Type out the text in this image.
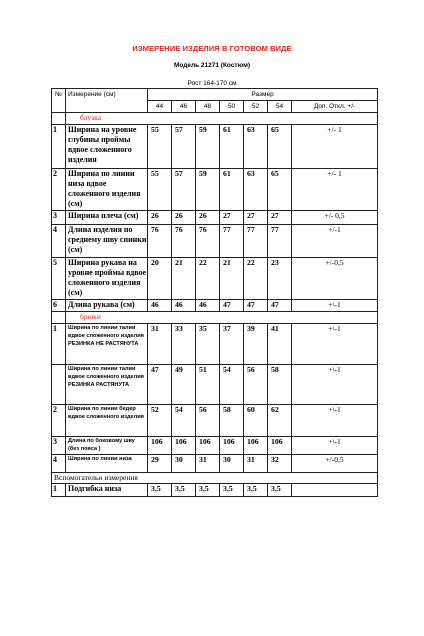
ИЗМЕРЕНИЕ ИЗДЕЛИЯ В ГОТОВОМ ВИДЕ
Модель 21271 (Костюм)
Рост 164-170 см
№	Измерение (см)	Размер						
		44	46	48	50	52	54	Доп. Откл. +/-
	блузка							
1	Ширина на уровне глубины проймы вдвое сложенного изделия	55	57	59	61	63	65	+/- 1
2	Ширина по линии низа вдвое сложенного изделия (см)	55	57	59	61	63	65	+/- 1
3	Ширина плеча (см)	26	26	26	27	27	27	+/- 0,5
4	Длина изделия по среднему шву спинки (см)	76	76	76	77	77	77	+/-1
5	Ширина рукава на уровне проймы вдвое сложенного изделия (см)	20	21	22	21	22	23	+/-0,5
6	Длина рукава (см)	46	46	46	47	47	47	+\-1
	брюки							
1	Ширина по линии талии вдвое сложенного изделия РЕЗИНКА НЕ РАСТЯНУТА	31	33	35	37	39	41	+\-1
	Ширина по линии талии вдвое сложенного изделия РЕЗИНКА РАСТЯНУТА	47	49	51	54	56	58	+\-1
2	Ширина по линии бедер вдвое сложенного изделия	52	54	56	58	60	62	+\-1
3	Длина по боковому шву (без пояса )	106	106	106	106	106	106	+\-1
4	Ширина по линии низа	29	30	31	30	31	32	+/-0,5
Вспомогательн измерения								
1	Подгибка низа	3,5	3,5	3,5	3,5	3,5	3,5	
